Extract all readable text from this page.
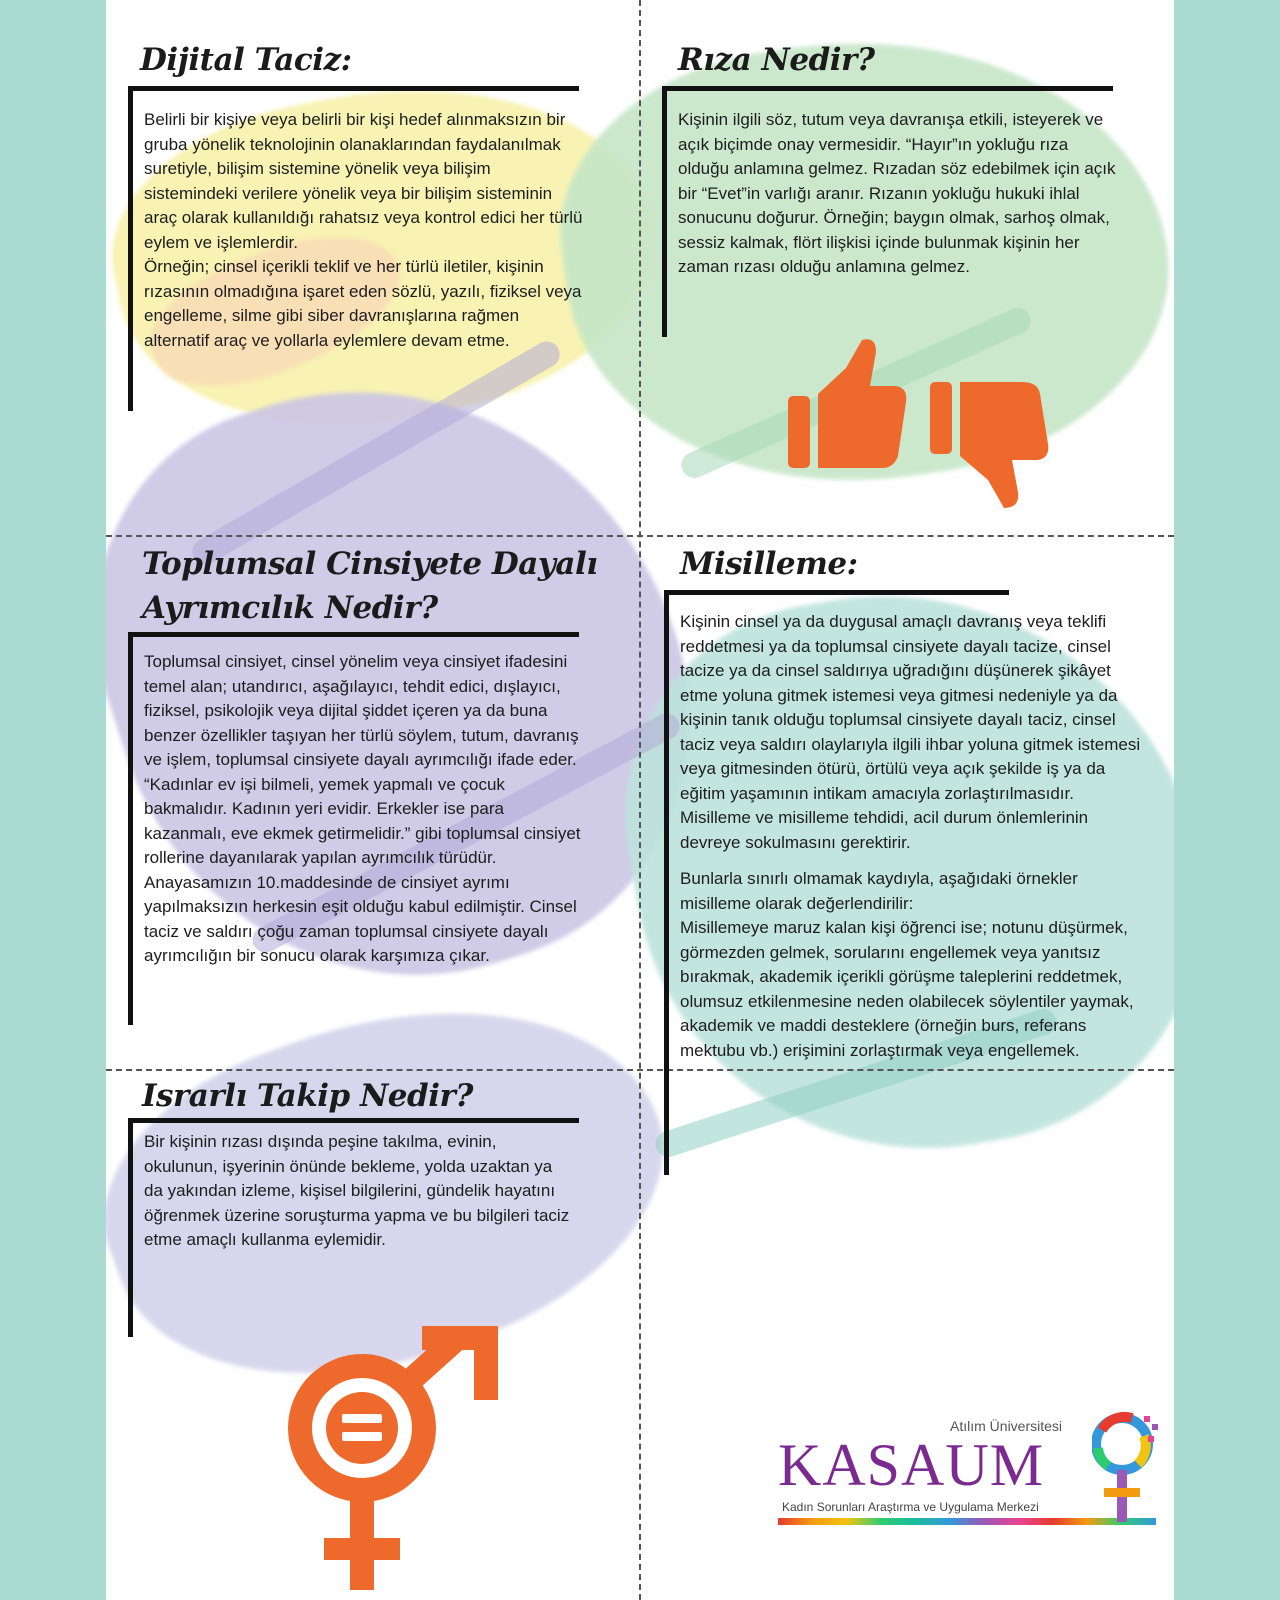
Dijital Taciz:

Belirli bir kişiye veya belirli bir kişi hedef alınmaksızın bir gruba yönelik teknolojinin olanaklarından faydalanılmak suretiyle, bilişim sistemine yönelik veya bilişim sistemindeki verilere yönelik veya bir bilişim sisteminin araç olarak kullanıldığı rahatsız veya kontrol edici her türlü eylem ve işlemlerdir.

Örneğin; cinsel içerikli teklif ve her türlü iletiler, kişinin rızasının olmadığına işaret eden sözlü, yazılı, fiziksel veya engelleme, silme gibi siber davranışlarına rağmen alternatif araç ve yollarla eylemlere devam etme.

Rıza Nedir?

Kişinin ilgili söz, tutum veya davranışa etkili, isteyerek ve açık biçimde onay vermesidir. “Hayır”ın yokluğu rıza olduğu anlamına gelmez. Rızadan söz edebilmek için açık bir “Evet”in varlığı aranır. Rızanın yokluğu hukuki ihlal sonucunu doğurur. Örneğin; baygın olmak, sarhoş olmak, sessiz kalmak, flört ilişkisi içinde bulunmak kişinin her zaman rızası olduğu anlamına gelmez.

Toplumsal Cinsiyete Dayalı
Ayrımcılık Nedir?

Toplumsal cinsiyet, cinsel yönelim veya cinsiyet ifadesini temel alan; utandırıcı, aşağılayıcı, tehdit edici, dışlayıcı, fiziksel, psikolojik veya dijital şiddet içeren ya da buna benzer özellikler taşıyan her türlü söylem, tutum, davranış ve işlem, toplumsal cinsiyete dayalı ayrımcılığı ifade eder.

“Kadınlar ev işi bilmeli, yemek yapmalı ve çocuk bakmalıdır. Kadının yeri evidir. Erkekler ise para kazanmalı, eve ekmek getirmelidir.” gibi toplumsal cinsiyet rollerine dayanılarak yapılan ayrımcılık türüdür. Anayasamızın 10.maddesinde de cinsiyet ayrımı yapılmaksızın herkesin eşit olduğu kabul edilmiştir. Cinsel taciz ve saldırı çoğu zaman toplumsal cinsiyete dayalı ayrımcılığın bir sonucu olarak karşımıza çıkar.

Misilleme:

Kişinin cinsel ya da duygusal amaçlı davranış veya teklifi reddetmesi ya da toplumsal cinsiyete dayalı tacize, cinsel tacize ya da cinsel saldırıya uğradığını düşünerek şikâyet etme yoluna gitmek istemesi veya gitmesi nedeniyle ya da kişinin tanık olduğu toplumsal cinsiyete dayalı taciz, cinsel taciz veya saldırı olaylarıyla ilgili ihbar yoluna gitmek istemesi veya gitmesinden ötürü, örtülü veya açık şekilde iş ya da eğitim yaşamının intikam amacıyla zorlaştırılmasıdır. Misilleme ve misilleme tehdidi, acil durum önlemlerinin devreye sokulmasını gerektirir.

Bunlarla sınırlı olmamak kaydıyla, aşağıdaki örnekler misilleme olarak değerlendirilir:

Misillemeye maruz kalan kişi öğrenci ise; notunu düşürmek, görmezden gelmek, sorularını engellemek veya yanıtsız bırakmak, akademik içerikli görüşme taleplerini reddetmek, olumsuz etkilenmesine neden olabilecek söylentiler yaymak, akademik ve maddi desteklere (örneğin burs, referans mektubu vb.) erişimini zorlaştırmak veya engellemek.

Israrlı Takip Nedir?

Bir kişinin rızası dışında peşine takılma, evinin, okulunun, işyerinin önünde bekleme, yolda uzaktan ya da yakından izleme, kişisel bilgilerini, gündelik hayatını öğrenmek üzerine soruşturma yapma ve bu bilgileri taciz etme amaçlı kullanma eylemidir.

Atılım Üniversitesi
KASAUM
Kadın Sorunları Araştırma ve Uygulama Merkezi
